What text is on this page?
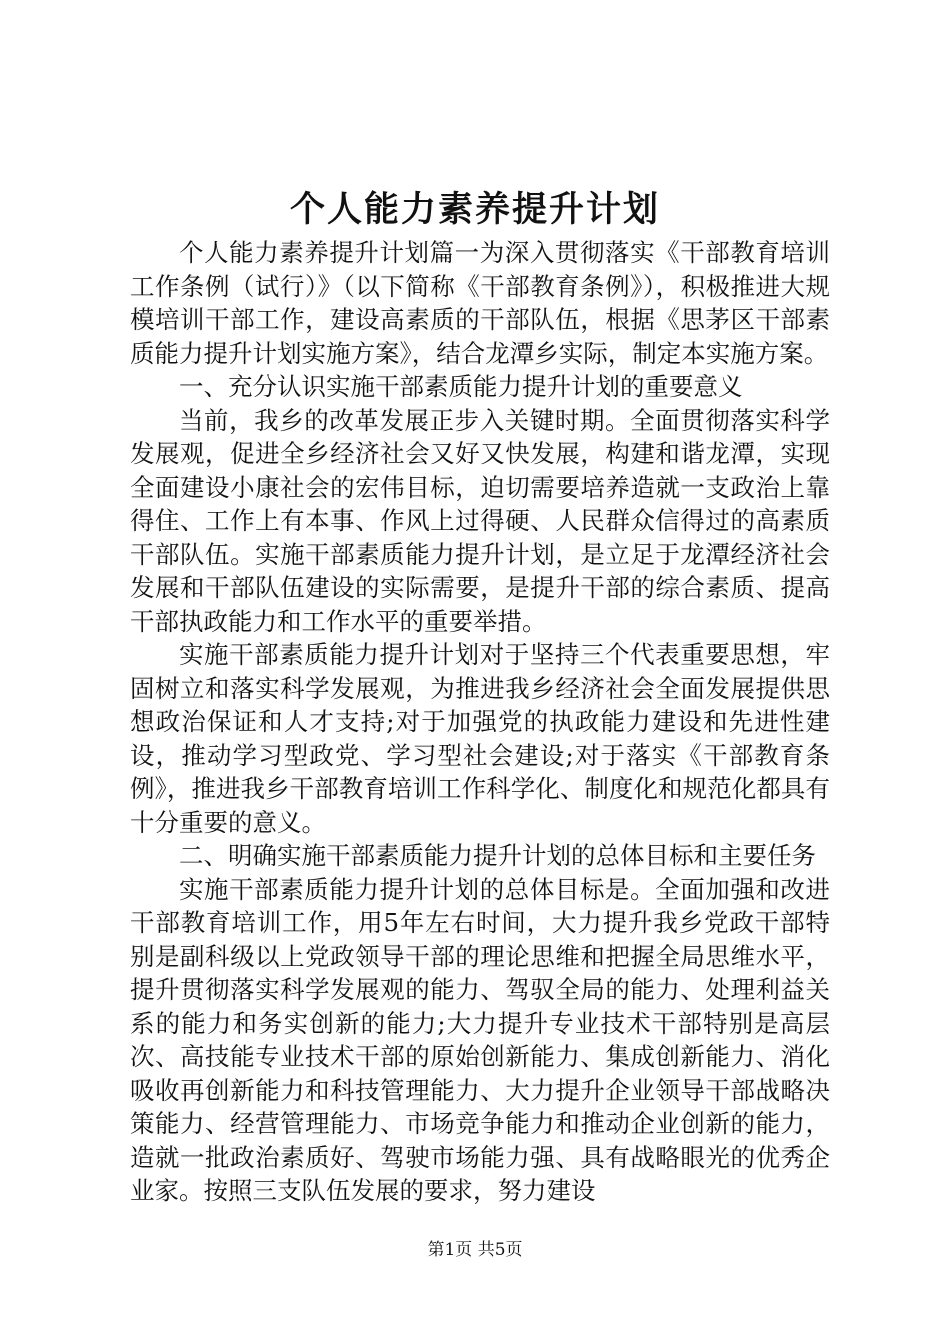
个人能力素养提升计划

个人能力素养提升计划篇一为深入贯彻落实《干部教育培训工作条例（试行）》（以下简称《干部教育条例》），积极推进大规模培训干部工作，建设高素质的干部队伍，根据《思茅区干部素质能力提升计划实施方案》，结合龙潭乡实际，制定本实施方案。

一、充分认识实施干部素质能力提升计划的重要意义

当前，我乡的改革发展正步入关键时期。全面贯彻落实科学发展观，促进全乡经济社会又好又快发展，构建和谐龙潭，实现全面建设小康社会的宏伟目标，迫切需要培养造就一支政治上靠得住、工作上有本事、作风上过得硬、人民群众信得过的高素质干部队伍。实施干部素质能力提升计划，是立足于龙潭经济社会发展和干部队伍建设的实际需要，是提升干部的综合素质、提高干部执政能力和工作水平的重要举措。

实施干部素质能力提升计划对于坚持三个代表重要思想，牢固树立和落实科学发展观，为推进我乡经济社会全面发展提供思想政治保证和人才支持;对于加强党的执政能力建设和先进性建设，推动学习型政党、学习型社会建设;对于落实《干部教育条例》，推进我乡干部教育培训工作科学化、制度化和规范化都具有十分重要的意义。

二、明确实施干部素质能力提升计划的总体目标和主要任务

实施干部素质能力提升计划的总体目标是。全面加强和改进干部教育培训工作，用5年左右时间，大力提升我乡党政干部特别是副科级以上党政领导干部的理论思维和把握全局思维水平，提升贯彻落实科学发展观的能力、驾驭全局的能力、处理利益关系的能力和务实创新的能力;大力提升专业技术干部特别是高层次、高技能专业技术干部的原始创新能力、集成创新能力、消化吸收再创新能力和科技管理能力、大力提升企业领导干部战略决策能力、经营管理能力、市场竞争能力和推动企业创新的能力，造就一批政治素质好、驾驶市场能力强、具有战略眼光的优秀企业家。按照三支队伍发展的要求，努力建设

第1页 共5页
